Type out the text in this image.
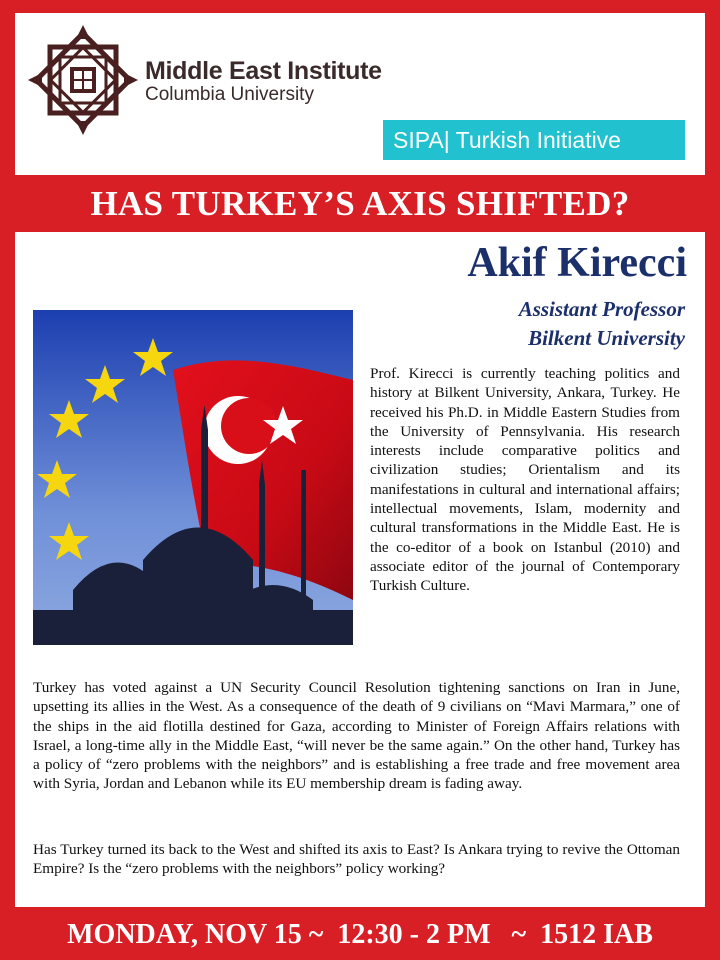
Middle East Institute
Columbia University
SIPA| Turkish Initiative
HAS TURKEY’S AXIS SHIFTED?
Akif Kirecci
Assistant Professor
Bilkent University

Prof. Kirecci is currently teaching politics and history at Bilkent University, Ankara, Turkey. He received his Ph.D. in Middle Eastern Studies from the University of Pennsylvania. His research interests include comparative politics and civilization studies; Orientalism and its manifestations in cultural and international affairs; intellectual movements, Islam, modernity and cultural transformations in the Middle East. He is the co-editor of a book on Istanbul (2010) and associate editor of the journal of Contemporary Turkish Culture.

Turkey has voted against a UN Security Council Resolution tightening sanctions on Iran in June, upsetting its allies in the West. As a consequence of the death of 9 civilians on “Mavi Marmara,” one of the ships in the aid flotilla destined for Gaza, according to Minister of Foreign Affairs relations with Israel, a long-time ally in the Middle East, “will never be the same again.” On the other hand, Turkey has a policy of “zero problems with the neighbors” and is establishing a free trade and free movement area with Syria, Jordan and Lebanon while its EU membership dream is fading away.

Has Turkey turned its back to the West and shifted its axis to East? Is Ankara trying to revive the Ottoman Empire? Is the “zero problems with the neighbors” policy working?

MONDAY, NOV 15 ~  12:30 - 2 PM   ~  1512 IAB
